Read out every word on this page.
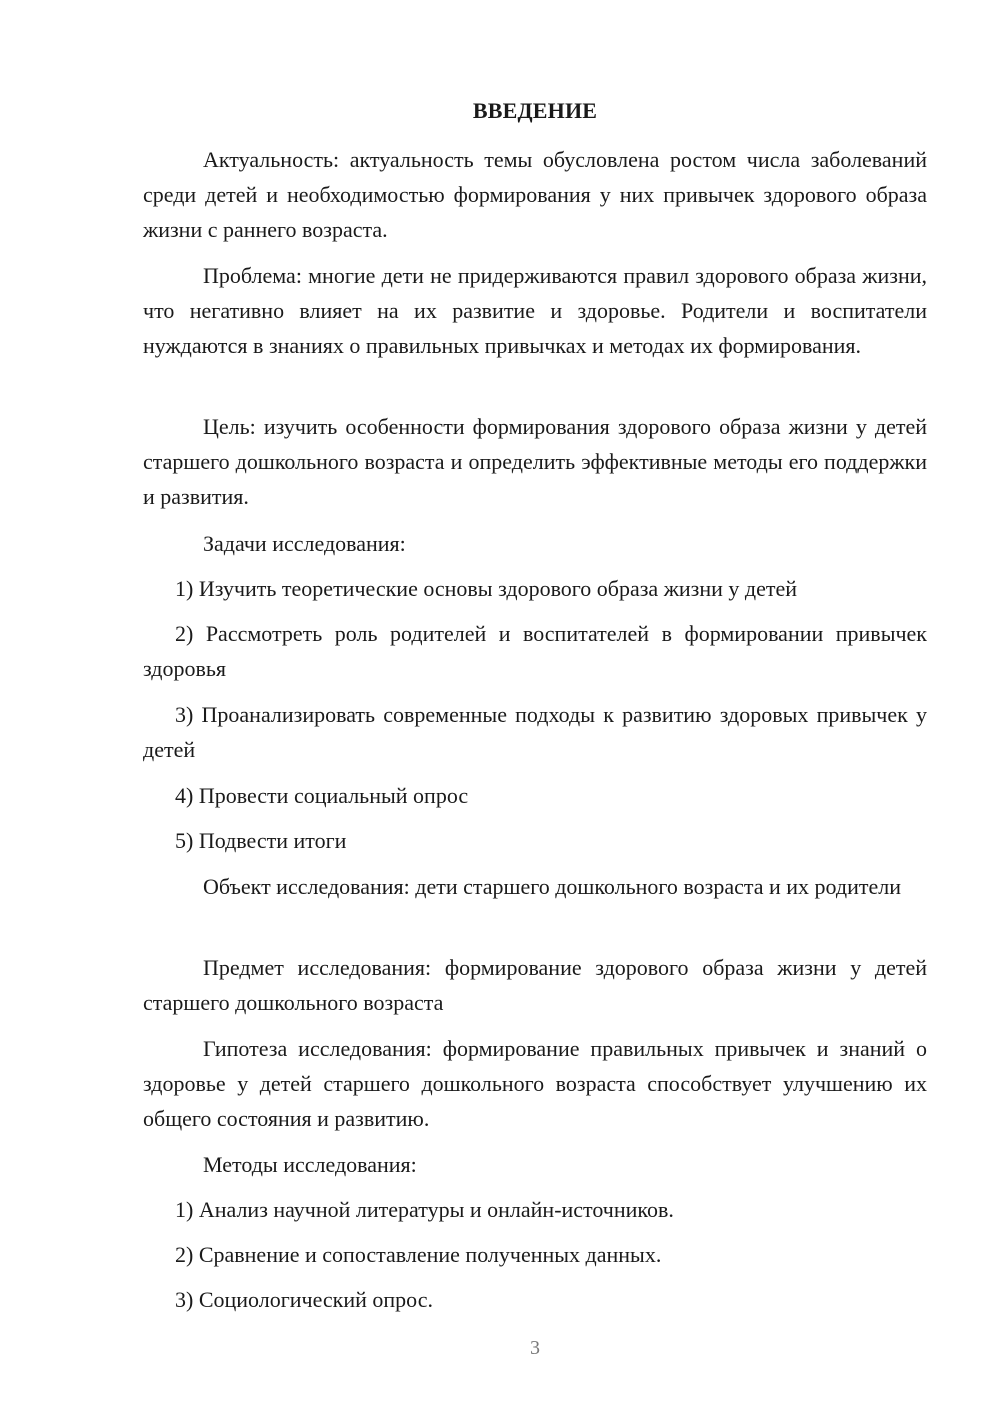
ВВЕДЕНИЕ

Актуальность: актуальность темы обусловлена ростом числа заболеваний среди детей и необходимостью формирования у них привычек здорового образа жизни с раннего возраста.

Проблема: многие дети не придерживаются правил здорового образа жизни, что негативно влияет на их развитие и здоровье. Родители и воспитатели нуждаются в знаниях о правильных привычках и методах их формирования.

Цель: изучить особенности формирования здорового образа жизни у детей старшего дошкольного возраста и определить эффективные методы его поддержки и развития.

Задачи исследования:

1) Изучить теоретические основы здорового образа жизни у детей

2) Рассмотреть роль родителей и воспитателей в формировании привычек здоровья

3) Проанализировать современные подходы к развитию здоровых привычек у детей

4) Провести социальный опрос

5) Подвести итоги

Объект исследования: дети старшего дошкольного возраста и их родители

Предмет исследования: формирование здорового образа жизни у детей старшего дошкольного возраста

Гипотеза исследования: формирование правильных привычек и знаний о здоровье у детей старшего дошкольного возраста способствует улучшению их общего состояния и развитию.

Методы исследования:

1) Анализ научной литературы и онлайн-источников.

2) Сравнение и сопоставление полученных данных.

3) Социологический опрос.

3
